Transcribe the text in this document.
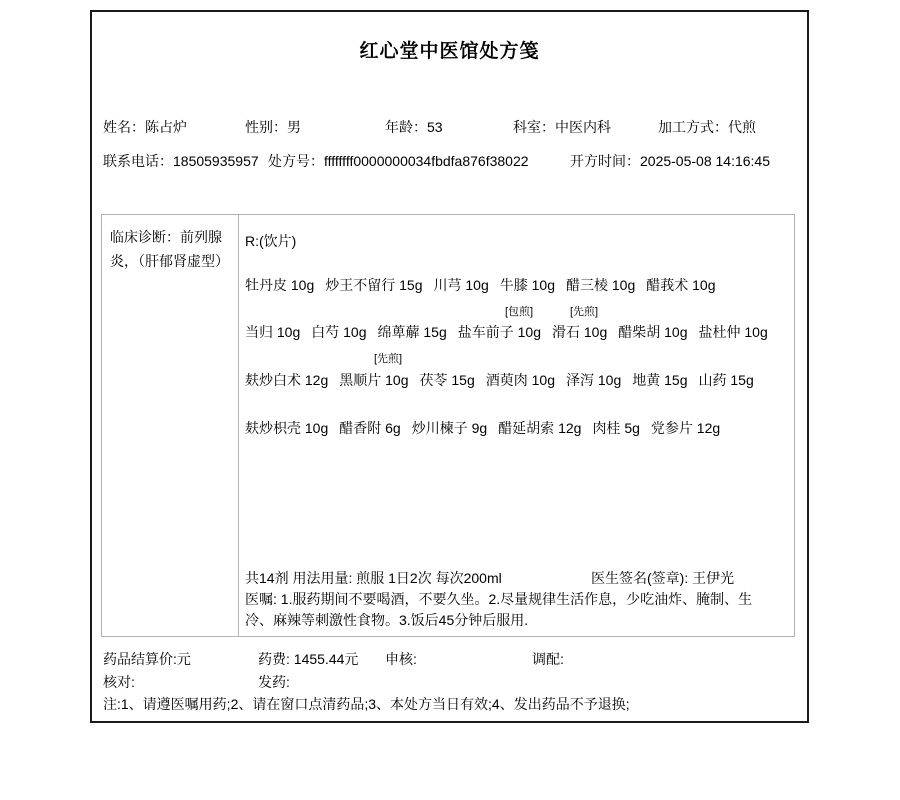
红心堂中医馆处方笺
姓名：陈占炉	性别：男	年龄：53	科室：中医内科	加工方式：代煎
联系电话：18505935957 处方号：ffffffff0000000034fbdfa876f38022	开方时间：2025-05-08 14:16:45
临床诊断：前列腺炎，（肝郁肾虚型）
R:(饮片)
牡丹皮 10g 炒王不留行 15g 川芎 10g 牛膝 10g 醋三棱 10g 醋莪术 10g
[包煎]	[先煎]
当归 10g 白芍 10g 绵萆薢 15g 盐车前子 10g 滑石 10g 醋柴胡 10g 盐杜仲 10g
[先煎]
麸炒白术 12g 黑顺片 10g 茯苓 15g 酒萸肉 10g 泽泻 10g 地黄 15g 山药 15g
麸炒枳壳 10g 醋香附 6g 炒川楝子 9g 醋延胡索 12g 肉桂 5g 党参片 12g
共14剂 用法用量: 煎服 1日2次 每次200ml	医生签名(签章): 王伊光
医嘱: 1.服药期间不要喝酒，不要久坐。2.尽量规律生活作息，少吃油炸、腌制、生冷、麻辣等刺激性食物。3.饭后45分钟后服用.
药品结算价:元	药费: 1455.44元 申核:	调配:
核对:	发药:
注:1、请遵医嘱用药;2、请在窗口点清药品;3、本处方当日有效;4、发出药品不予退换;
